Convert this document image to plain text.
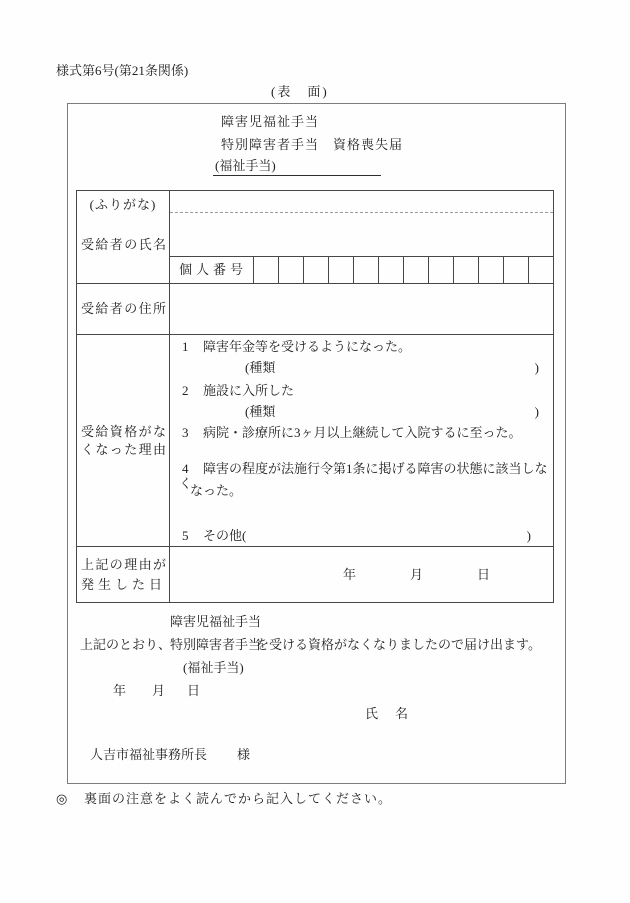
様式第6号(第21条関係)
(表　面)
障害児福祉手当
特別障害者手当　資格喪失届
(福祉手当)
(ふりがな)
受給者の氏名
個人番号
受給者の住所
受給資格がな
くなった理由
1 障害年金等を受けるようになった。
(種類	)
2 施設に入所した
(種類	)
3 病院・診療所に3ヶ月以上継続して入院するに至った。
4 障害の程度が法施行令第1条に掲げる障害の状態に該当しなく
なった。
5	その他(	)
上記の理由が
発生した日
年	月	日
障害児福祉手当
上記のとおり、
特別障害者手当
を受ける資格がなくなりましたので届け出ます。
(福祉手当)
年 月 日
氏　名
人吉市福祉事務所長 様
◎ 裏面の注意をよく読んでから記入してください。
